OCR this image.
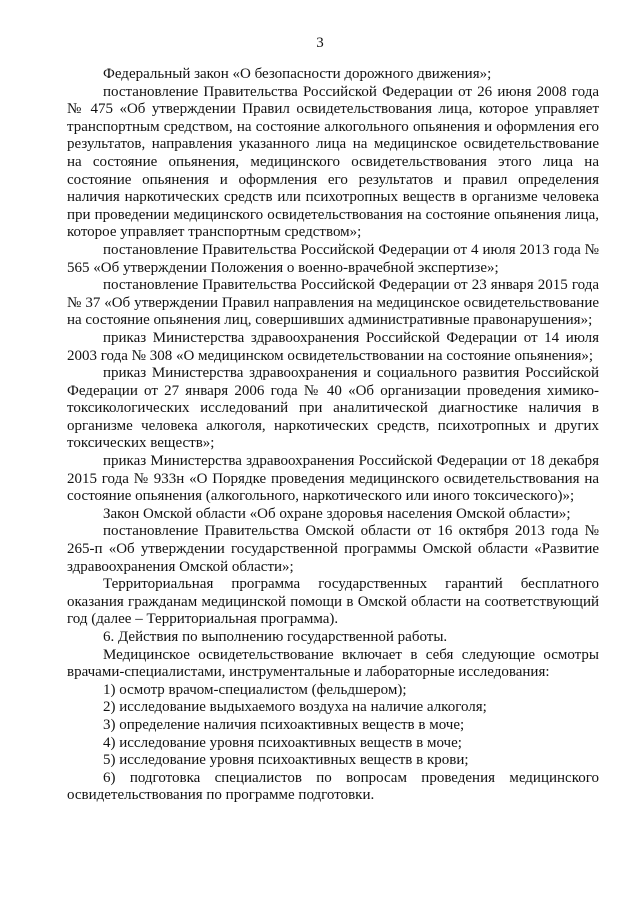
3

Федеральный закон «О безопасности дорожного движения»;

постановление Правительства Российской Федерации от 26 июня 2008 года № 475 «Об утверждении Правил освидетельствования лица, которое управляет транспортным средством, на состояние алкогольного опьянения и оформления его результатов, направления указанного лица на медицинское освидетельствование на состояние опьянения, медицинского освидетельствования этого лица на состояние опьянения и оформления его результатов и правил определения наличия наркотических средств или психотропных веществ в организме человека при проведении медицинского освидетельствования на состояние опьянения лица, которое управляет транспортным средством»;

постановление Правительства Российской Федерации от 4 июля 2013 года № 565 «Об утверждении Положения о военно-врачебной экспертизе»;

постановление Правительства Российской Федерации от 23 января 2015 года № 37 «Об утверждении Правил направления на медицинское освидетельствование на состояние опьянения лиц, совершивших административные правонарушения»;

приказ Министерства здравоохранения Российской Федерации от 14 июля 2003 года № 308 «О медицинском освидетельствовании на состояние опьянения»;

приказ Министерства здравоохранения и социального развития Российской Федерации от 27 января 2006 года № 40 «Об организации проведения химико-токсикологических исследований при аналитической диагностике наличия в организме человека алкоголя, наркотических средств, психотропных и других токсических веществ»;

приказ Министерства здравоохранения Российской Федерации от 18 декабря 2015 года № 933н «О Порядке проведения медицинского освидетельствования на состояние опьянения (алкогольного, наркотического или иного токсического)»;

Закон Омской области «Об охране здоровья населения Омской области»;

постановление Правительства Омской области от 16 октября 2013 года № 265-п «Об утверждении государственной программы Омской области «Развитие здравоохранения Омской области»;

Территориальная программа государственных гарантий бесплатного оказания гражданам медицинской помощи в Омской области на соответствующий год (далее – Территориальная программа).

6. Действия по выполнению государственной работы.

Медицинское освидетельствование включает в себя следующие осмотры врачами-специалистами, инструментальные и лабораторные исследования:

1) осмотр врачом-специалистом (фельдшером);

2) исследование выдыхаемого воздуха на наличие алкоголя;

3) определение наличия психоактивных веществ в моче;

4) исследование уровня психоактивных веществ в моче;

5) исследование уровня психоактивных веществ в крови;

6) подготовка специалистов по вопросам проведения медицинского освидетельствования по программе подготовки.
